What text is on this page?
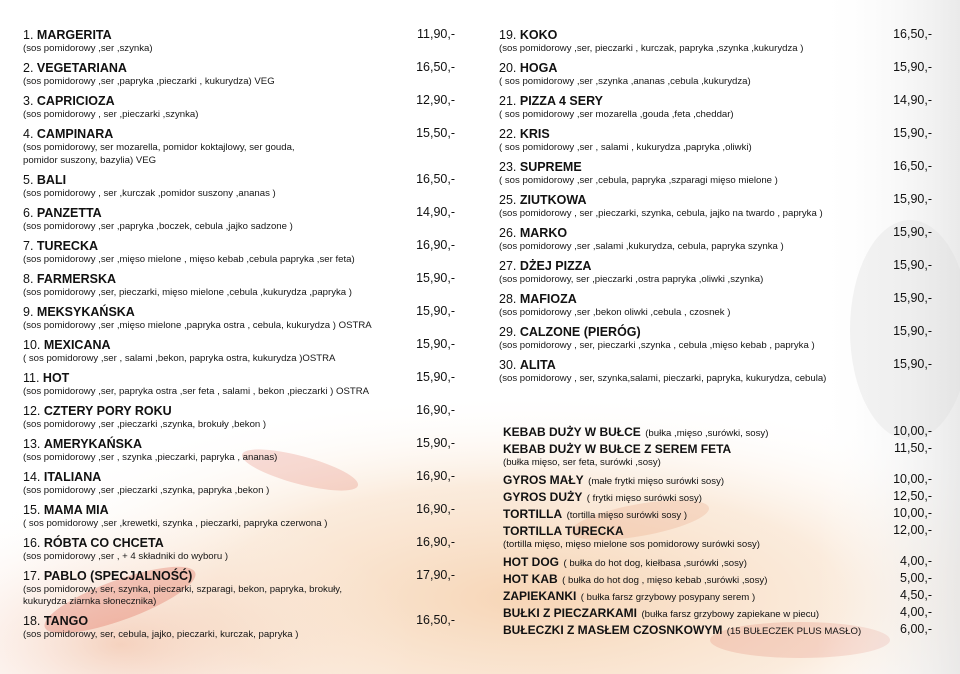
1. MARGERITA	11,90,-
(sos pomidorowy ,ser ,szynka)
2. VEGETARIANA	16,50,-
(sos pomidorowy ,ser ,papryka ,pieczarki , kukurydza) VEG
3. CAPRICIOZA	12,90,-
(sos pomidorowy , ser ,pieczarki ,szynka)
4. CAMPINARA	15,50,-
(sos pomidorowy, ser mozarella, pomidor koktajlowy, ser gouda,
pomidor suszony, bazylia) VEG
5. BALI	16,50,-
(sos pomidorowy , ser ,kurczak ,pomidor suszony ,ananas )
6. PANZETTA	14,90,-
(sos pomidorowy ,ser ,papryka ,boczek, cebula ,jajko sadzone )
7. TURECKA	16,90,-
(sos pomidorowy ,ser ,mięso mielone , mięso kebab ,cebula papryka ,ser feta)
8. FARMERSKA	15,90,-
(sos pomidorowy ,ser, pieczarki, mięso mielone ,cebula ,kukurydza ,papryka )
9. MEKSYKAŃSKA	15,90,-
(sos pomidorowy ,ser ,mięso mielone ,papryka ostra , cebula, kukurydza ) OSTRA
10. MEXICANA	15,90,-
( sos pomidorowy ,ser , salami ,bekon, papryka ostra, kukurydza )OSTRA
11. HOT	15,90,-
(sos pomidorowy ,ser, papryka ostra ,ser feta , salami , bekon ,pieczarki ) OSTRA
12. CZTERY PORY ROKU	16,90,-
(sos pomidorowy ,ser ,pieczarki ,szynka, brokuły ,bekon )
13. AMERYKAŃSKA	15,90,-
(sos pomidorowy ,ser , szynka ,pieczarki, papryka , ananas)
14. ITALIANA	16,90,-
(sos pomidorowy ,ser ,pieczarki ,szynka, papryka ,bekon )
15. MAMA MIA	16,90,-
( sos pomidorowy ,ser ,krewetki, szynka , pieczarki, papryka czerwona )
16. RÓBTA CO CHCETA	16,90,-
(sos pomidorowy ,ser , + 4 składniki do wyboru )
17. PABLO (SPECJALNOŚĆ)	17,90,-
(sos pomidorowy, ser, szynka, pieczarki, szparagi, bekon, papryka, brokuły,
kukurydza ziarnka słonecznika)
18. TANGO	16,50,-
(sos pomidorowy, ser, cebula, jajko, pieczarki, kurczak, papryka )
19. KOKO	16,50,-
(sos pomidorowy ,ser, pieczarki , kurczak, papryka ,szynka ,kukurydza )
20. HOGA	15,90,-
( sos pomidorowy ,ser ,szynka ,ananas ,cebula ,kukurydza)
21. PIZZA 4 SERY	14,90,-
( sos pomidorowy ,ser mozarella ,gouda ,feta ,cheddar)
22. KRIS	15,90,-
( sos pomidorowy ,ser , salami , kukurydza ,papryka ,oliwki)
23. SUPREME	16,50,-
( sos pomidorowy ,ser ,cebula, papryka ,szparagi mięso mielone )
25. ZIUTKOWA	15,90,-
(sos pomidorowy , ser ,pieczarki, szynka, cebula, jajko na twardo , papryka )
26. MARKO	15,90,-
(sos pomidorowy ,ser ,salami ,kukurydza, cebula, papryka szynka )
27. DŻEJ PIZZA	15,90,-
(sos pomidorowy, ser ,pieczarki ,ostra papryka ,oliwki ,szynka)
28. MAFIOZA	15,90,-
(sos pomidorowy ,ser ,bekon oliwki ,cebula , czosnek )
29. CALZONE (PIERÓG)	15,90,-
(sos pomidorowy , ser, pieczarki ,szynka , cebula ,mięso kebab , papryka )
30. ALITA	15,90,-
(sos pomidorowy , ser, szynka,salami, pieczarki, papryka, kukurydza, cebula)
KEBAB DUŻY W BUŁCE (bułka ,mięso ,surówki, sosy)	10,00,-
KEBAB DUŻY W BUŁCE Z SEREM FETA	11,50,-
(bułka mięso, ser feta, surówki ,sosy)
GYROS MAŁY (małe frytki mięso surówki sosy)	10,00,-
GYROS DUŻY ( frytki mięso surówki sosy)	12,50,-
TORTILLA (tortilla mięso surówki sosy )	10,00,-
TORTILLA TURECKA	12,00,-
(tortilla mięso, mięso mielone sos pomidorowy surówki sosy)
HOT DOG ( bułka do hot dog, kiełbasa ,surówki ,sosy)	4,00,-
HOT KAB ( bułka do hot dog , mięso kebab ,surówki ,sosy)	5,00,-
ZAPIEKANKI ( bułka farsz grzybowy posypany serem )	4,50,-
BUŁKI Z PIECZARKAMI (bułka farsz grzybowy zapiekane w piecu)	4,00,-
BUŁECZKI Z MASŁEM CZOSNKOWYM (15 BUŁECZEK PLUS MASŁO)	6,00,-
